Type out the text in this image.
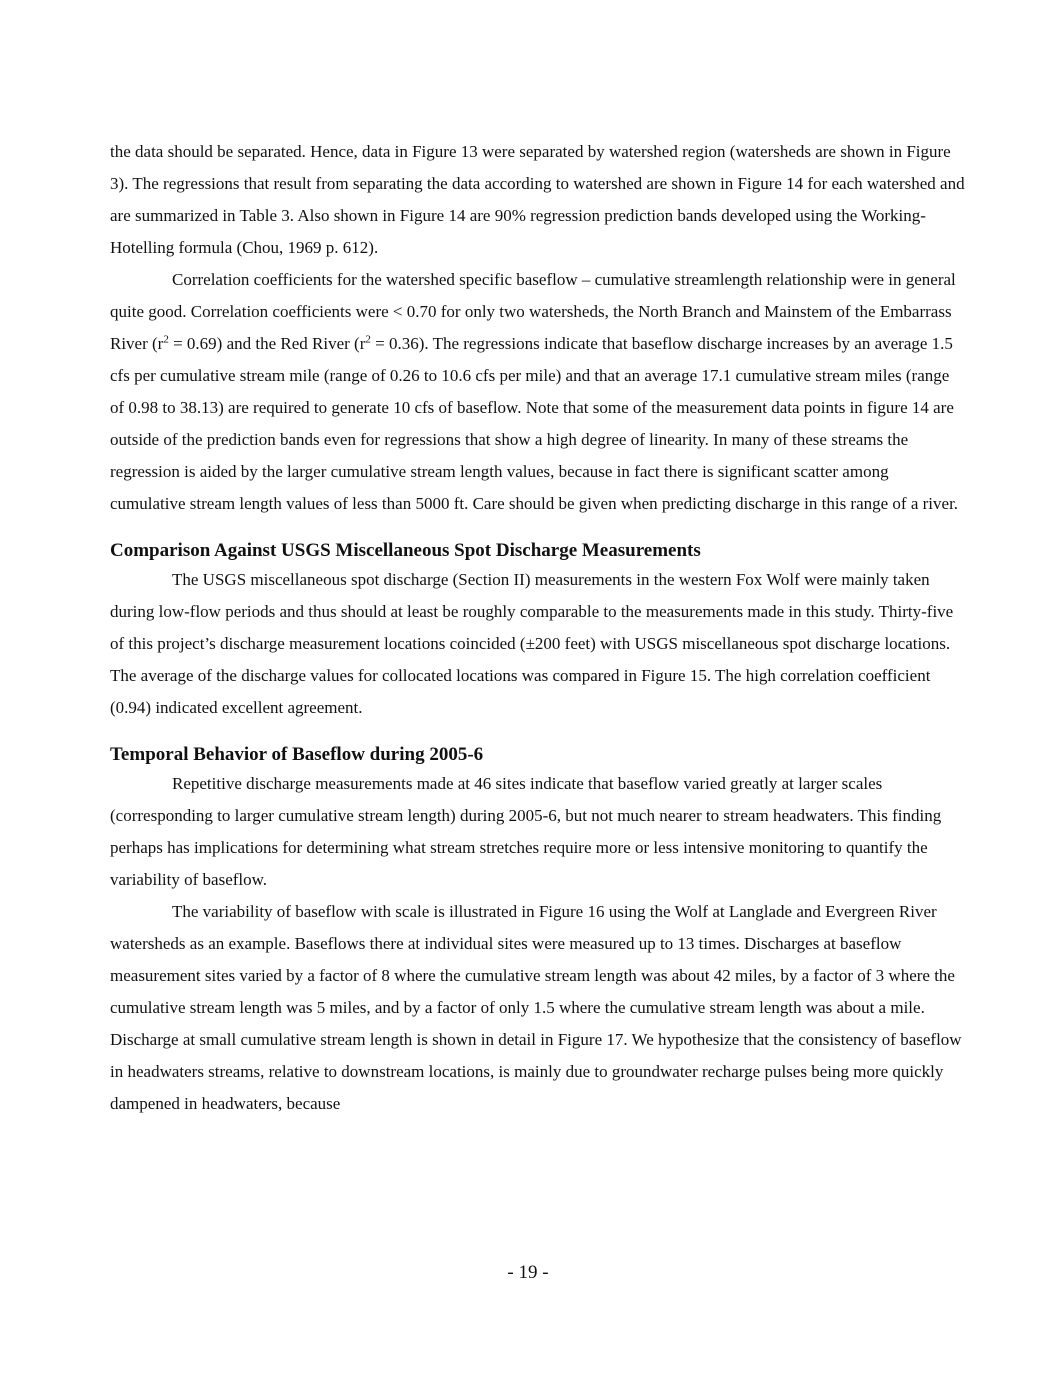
the data should be separated. Hence, data in Figure 13 were separated by watershed region (watersheds are shown in Figure 3). The regressions that result from separating the data according to watershed are shown in Figure 14 for each watershed and are summarized in Table 3. Also shown in Figure 14 are 90% regression prediction bands developed using the Working-Hotelling formula (Chou, 1969 p. 612).

Correlation coefficients for the watershed specific baseflow – cumulative streamlength relationship were in general quite good. Correlation coefficients were < 0.70 for only two watersheds, the North Branch and Mainstem of the Embarrass River $(r^2 = 0.69)$ and the Red River $(r^2 = 0.36)$. The regressions indicate that baseflow discharge increases by an average 1.5 cfs per cumulative stream mile (range of 0.26 to 10.6 cfs per mile) and that an average 17.1 cumulative stream miles (range of 0.98 to 38.13) are required to generate 10 cfs of baseflow. Note that some of the measurement data points in figure 14 are outside of the prediction bands even for regressions that show a high degree of linearity. In many of these streams the regression is aided by the larger cumulative stream length values, because in fact there is significant scatter among cumulative stream length values of less than 5000 ft. Care should be given when predicting discharge in this range of a river.

Comparison Against USGS Miscellaneous Spot Discharge Measurements

The USGS miscellaneous spot discharge (Section II) measurements in the western Fox Wolf were mainly taken during low-flow periods and thus should at least be roughly comparable to the measurements made in this study. Thirty-five of this project’s discharge measurement locations coincided (±200 feet) with USGS miscellaneous spot discharge locations. The average of the discharge values for collocated locations was compared in Figure 15. The high correlation coefficient (0.94) indicated excellent agreement.

Temporal Behavior of Baseflow during 2005-6

Repetitive discharge measurements made at 46 sites indicate that baseflow varied greatly at larger scales (corresponding to larger cumulative stream length) during 2005-6, but not much nearer to stream headwaters. This finding perhaps has implications for determining what stream stretches require more or less intensive monitoring to quantify the variability of baseflow.

The variability of baseflow with scale is illustrated in Figure 16 using the Wolf at Langlade and Evergreen River watersheds as an example. Baseflows there at individual sites were measured up to 13 times. Discharges at baseflow measurement sites varied by a factor of 8 where the cumulative stream length was about 42 miles, by a factor of 3 where the cumulative stream length was 5 miles, and by a factor of only 1.5 where the cumulative stream length was about a mile. Discharge at small cumulative stream length is shown in detail in Figure 17. We hypothesize that the consistency of baseflow in headwaters streams, relative to downstream locations, is mainly due to groundwater recharge pulses being more quickly dampened in headwaters, because

- 19 -
